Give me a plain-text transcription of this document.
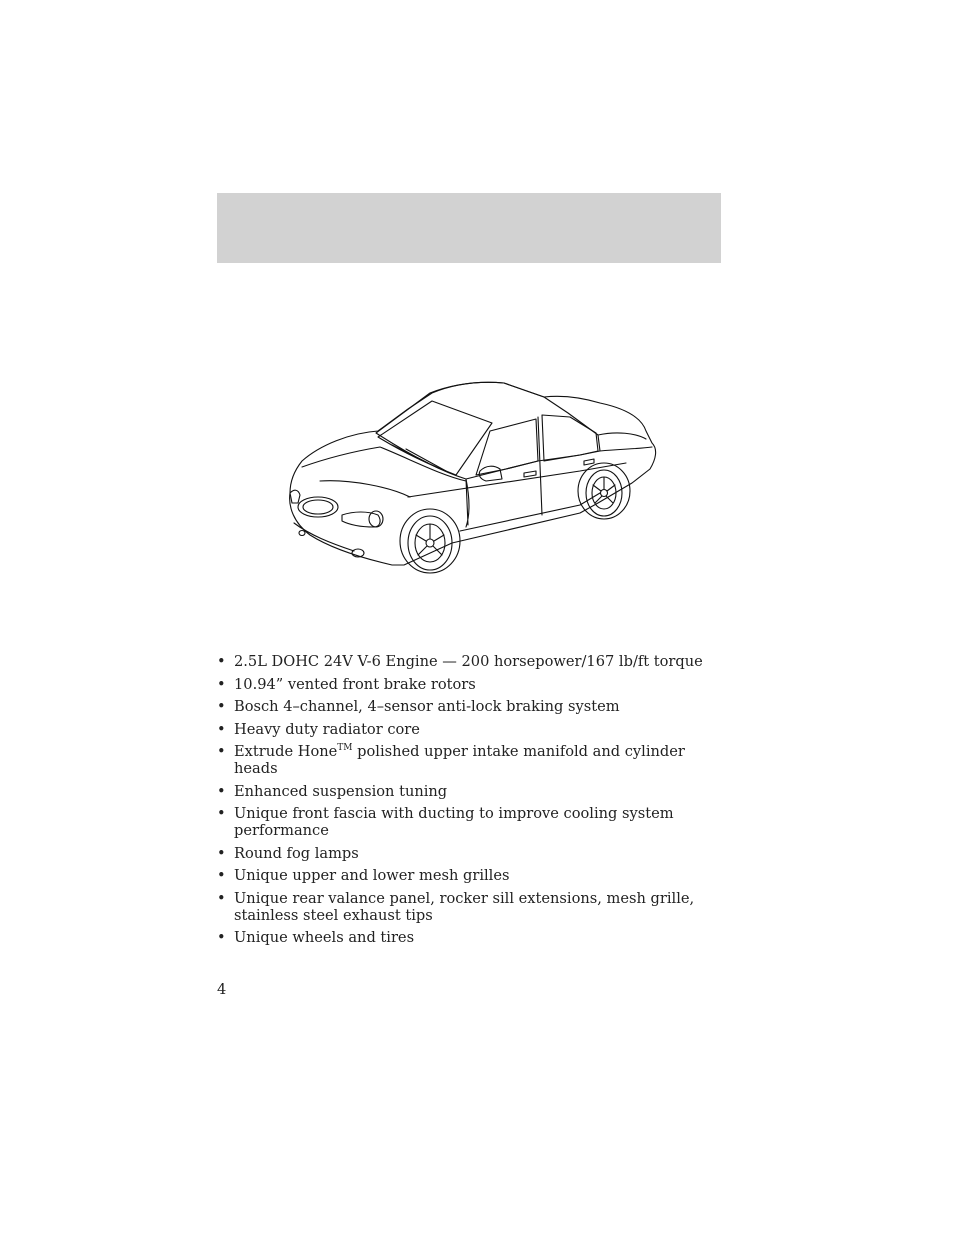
• 2.5L DOHC 24V V-6 Engine — 200 horsepower/167 lb/ft torque
• 10.94” vented front brake rotors
• Bosch 4–channel, 4–sensor anti-lock braking system
• Heavy duty radiator core
• Extrude Hone™ polished upper intake manifold and cylinder heads
• Enhanced suspension tuning
• Unique front fascia with ducting to improve cooling system performance
• Round fog lamps
• Unique upper and lower mesh grilles
• Unique rear valance panel, rocker sill extensions, mesh grille, stainless steel exhaust tips
• Unique wheels and tires
4
